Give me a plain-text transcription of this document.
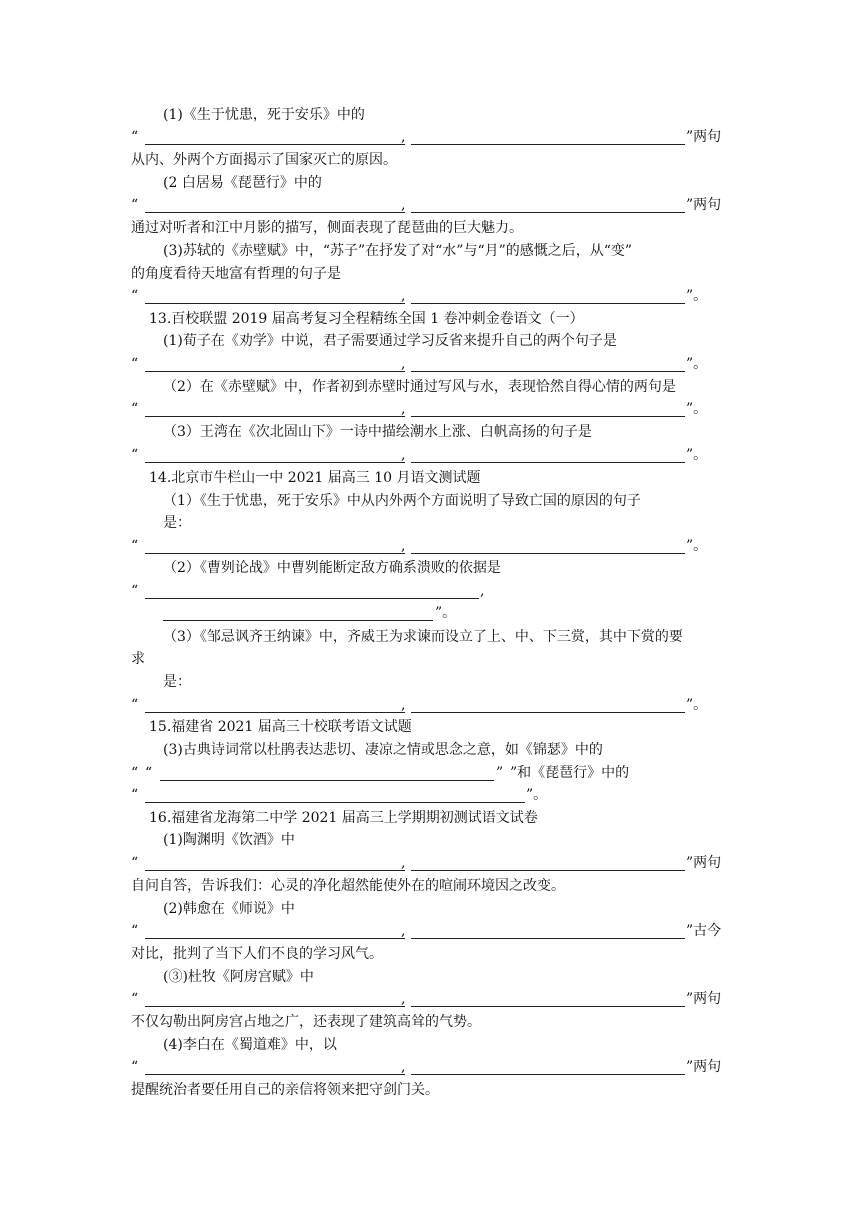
(1)《生于忧患，死于安乐》中的
“	,	”两句
从内、外两个方面揭示了国家灭亡的原因。
(2 白居易《琵琶行》中的
“	,	”两句
通过对听者和江中月影的描写，侧面表现了琵琶曲的巨大魅力。
(3)苏轼的《赤壁赋》中，“苏子”在抒发了对“水”与“月”的感慨之后，从“变”
的角度看待天地富有哲理的句子是
“	,	”。
13.百校联盟 2019 届高考复习全程精练全国 1 卷冲刺金卷语文（一）
(1)荀子在《劝学》中说，君子需要通过学习反省来提升自己的两个句子是
“	,	”。
（2）在《赤壁赋》中，作者初到赤壁时通过写风与水，表现恰然自得心情的两句是
“	,	”。
（3）王湾在《次北固山下》一诗中描绘潮水上涨、白帆高扬的句子是
“	,	”。
14.北京市牛栏山一中 2021 届高三 10 月语文测试题
（1）《生于忧患，死于安乐》中从内外两个方面说明了导致亡国的原因的句子
是：
“	,	”。
（2）《曹刿论战》中曹刿能断定敌方确系溃败的依据是
“	,
”。
（3）《邹忌讽齐王纳谏》中，齐威王为求谏而设立了上、中、下三赏，其中下赏的要
求
是：
“	,	”。
15.福建省 2021 届高三十校联考语文试题
(3)古典诗词常以杜鹃表达悲切、凄凉之情或思念之意，如《锦瑟》中的
“ “	” ”和《琵琶行》中的
“	”。
16.福建省龙海第二中学 2021 届高三上学期期初测试语文试卷
(1)陶渊明《饮酒》中
“	,	”两句
自问自答，告诉我们：心灵的净化超然能使外在的喧闹环境因之改变。
(2)韩愈在《师说》中
“	,	”古今
对比，批判了当下人们不良的学习风气。
(③)杜牧《阿房宫赋》中
“	,	”两句
不仅勾勒出阿房宫占地之广，还表现了建筑高耸的气势。
(4)李白在《蜀道难》中，以
“	,	”两句
提醒统治者要任用自己的亲信将领来把守剑门关。
